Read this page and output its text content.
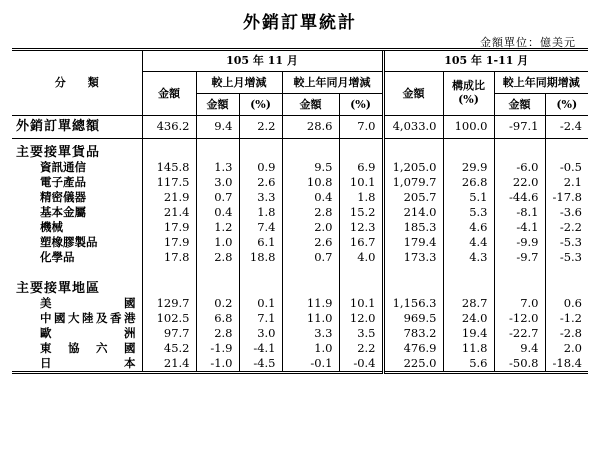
外銷訂單統計
金額單位：億美元

分　　類	105 年 11 月					105 年 1-11 月			
	金額	較上月增減		較上年同月增減		金額	構成比 (%)	較上年同期增減	
		金額	(%)	金額	(%)			金額	(%)
外銷訂單總額	436.2	9.4	2.2	28.6	7.0	4,033.0	100.0	-97.1	-2.4

主要接單貨品									
資訊通信	145.8	1.3	0.9	9.5	6.9	1,205.0	29.9	-6.0	-0.5
電子產品	117.5	3.0	2.6	10.8	10.1	1,079.7	26.8	22.0	2.1
精密儀器	21.9	0.7	3.3	0.4	1.8	205.7	5.1	-44.6	-17.8
基本金屬	21.4	0.4	1.8	2.8	15.2	214.0	5.3	-8.1	-3.6
機械	17.9	1.2	7.4	2.0	12.3	185.3	4.6	-4.1	-2.2
塑橡膠製品	17.9	1.0	6.1	2.6	16.7	179.4	4.4	-9.9	-5.3
化學品	17.8	2.8	18.8	0.7	4.0	173.3	4.3	-9.7	-5.3

主要接單地區									
美國	129.7	0.2	0.1	11.9	10.1	1,156.3	28.7	7.0	0.6
中國大陸及香港	102.5	6.8	7.1	11.0	12.0	969.5	24.0	-12.0	-1.2
歐洲	97.7	2.8	3.0	3.3	3.5	783.2	19.4	-22.7	-2.8
東協六國	45.2	-1.9	-4.1	1.0	2.2	476.9	11.8	9.4	2.0
日本	21.4	-1.0	-4.5	-0.1	-0.4	225.0	5.6	-50.8	-18.4
